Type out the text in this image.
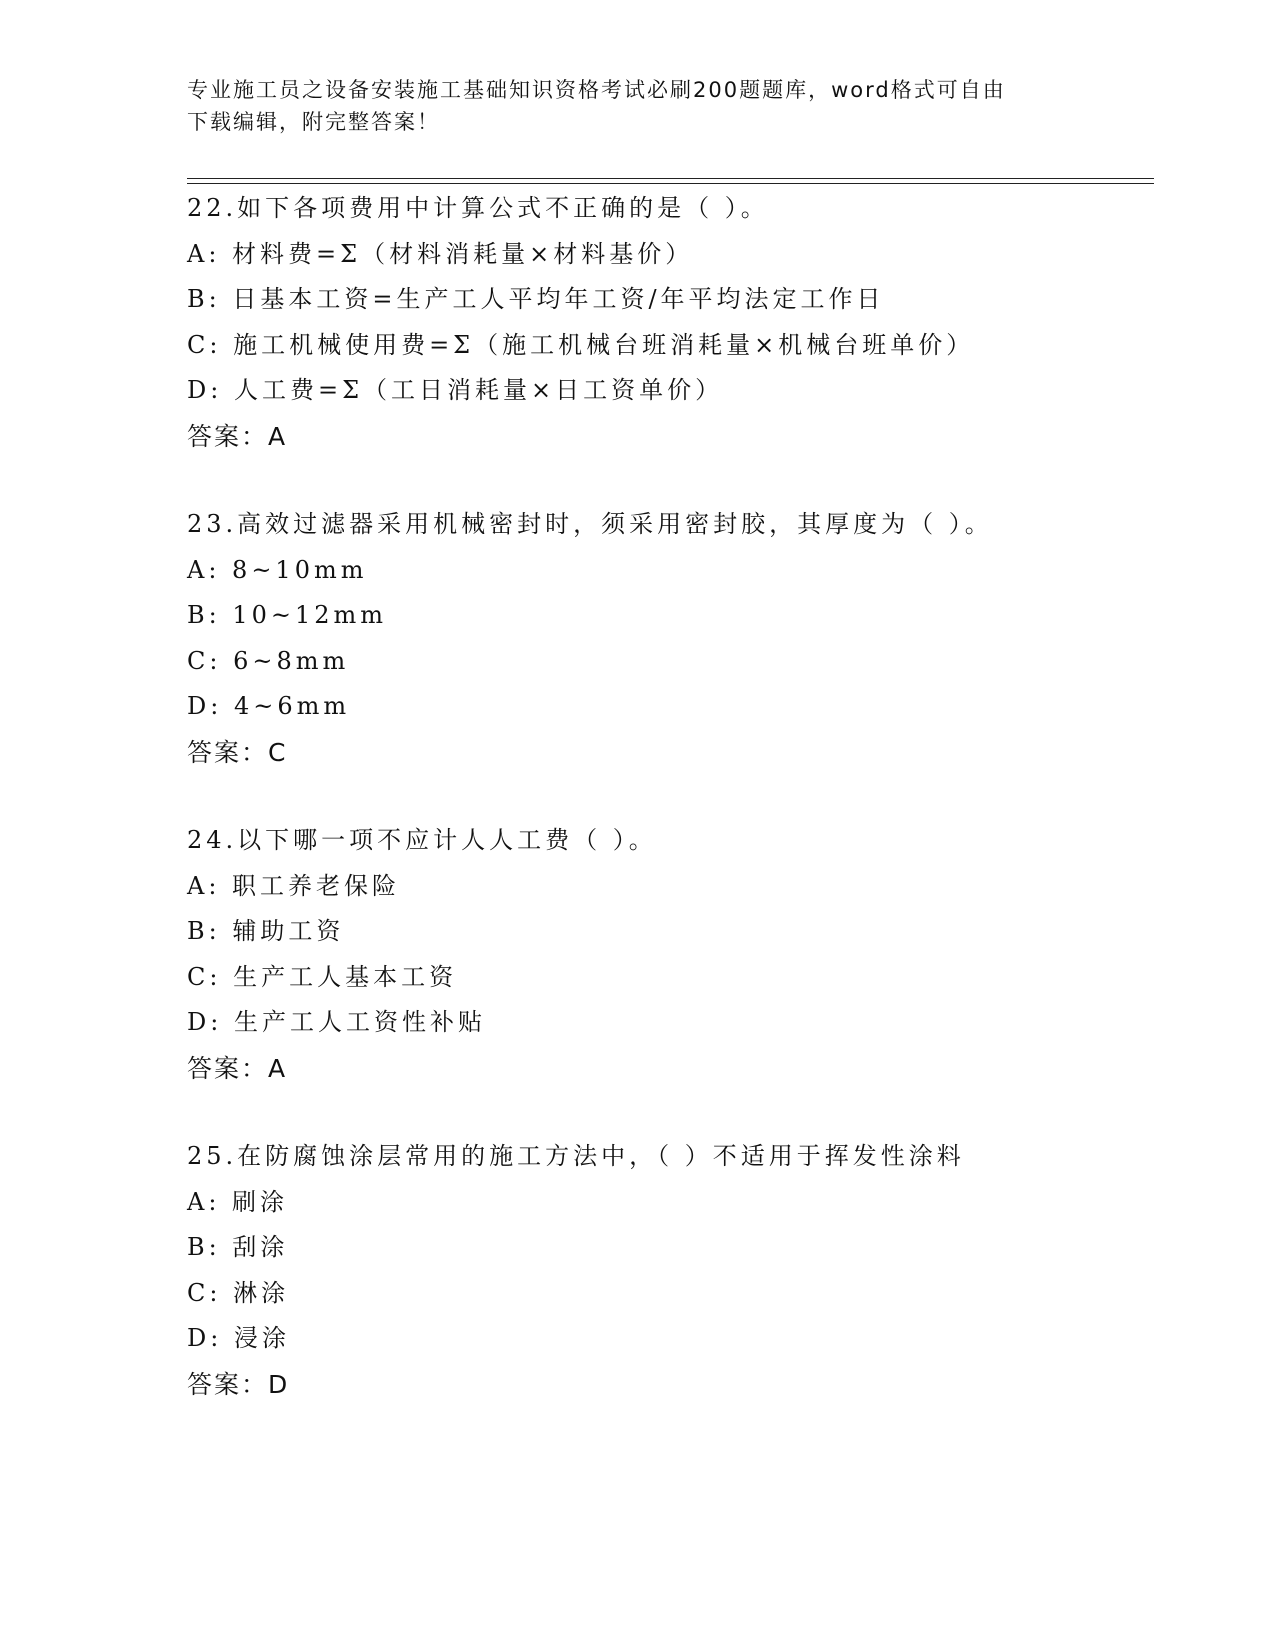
专业施工员之设备安装施工基础知识资格考试必刷200题题库，word格式可自由
下载编辑，附完整答案！
22.如下各项费用中计算公式不正确的是（ ）。
A: 材料费=Σ（材料消耗量×材料基价）
B: 日基本工资=生产工人平均年工资/年平均法定工作日
C: 施工机械使用费=Σ（施工机械台班消耗量×机械台班单价）
D: 人工费=Σ（工日消耗量×日工资单价）
答案：A
23.高效过滤器采用机械密封时，须采用密封胶，其厚度为（ ）。
A: 8~10mm
B: 10~12mm
C: 6~8mm
D: 4~6mm
答案：C
24.以下哪一项不应计人人工费（ ）。
A: 职工养老保险
B: 辅助工资
C: 生产工人基本工资
D: 生产工人工资性补贴
答案：A
25.在防腐蚀涂层常用的施工方法中，（ ）不适用于挥发性涂料
A: 刷涂
B: 刮涂
C: 淋涂
D: 浸涂
答案：D
